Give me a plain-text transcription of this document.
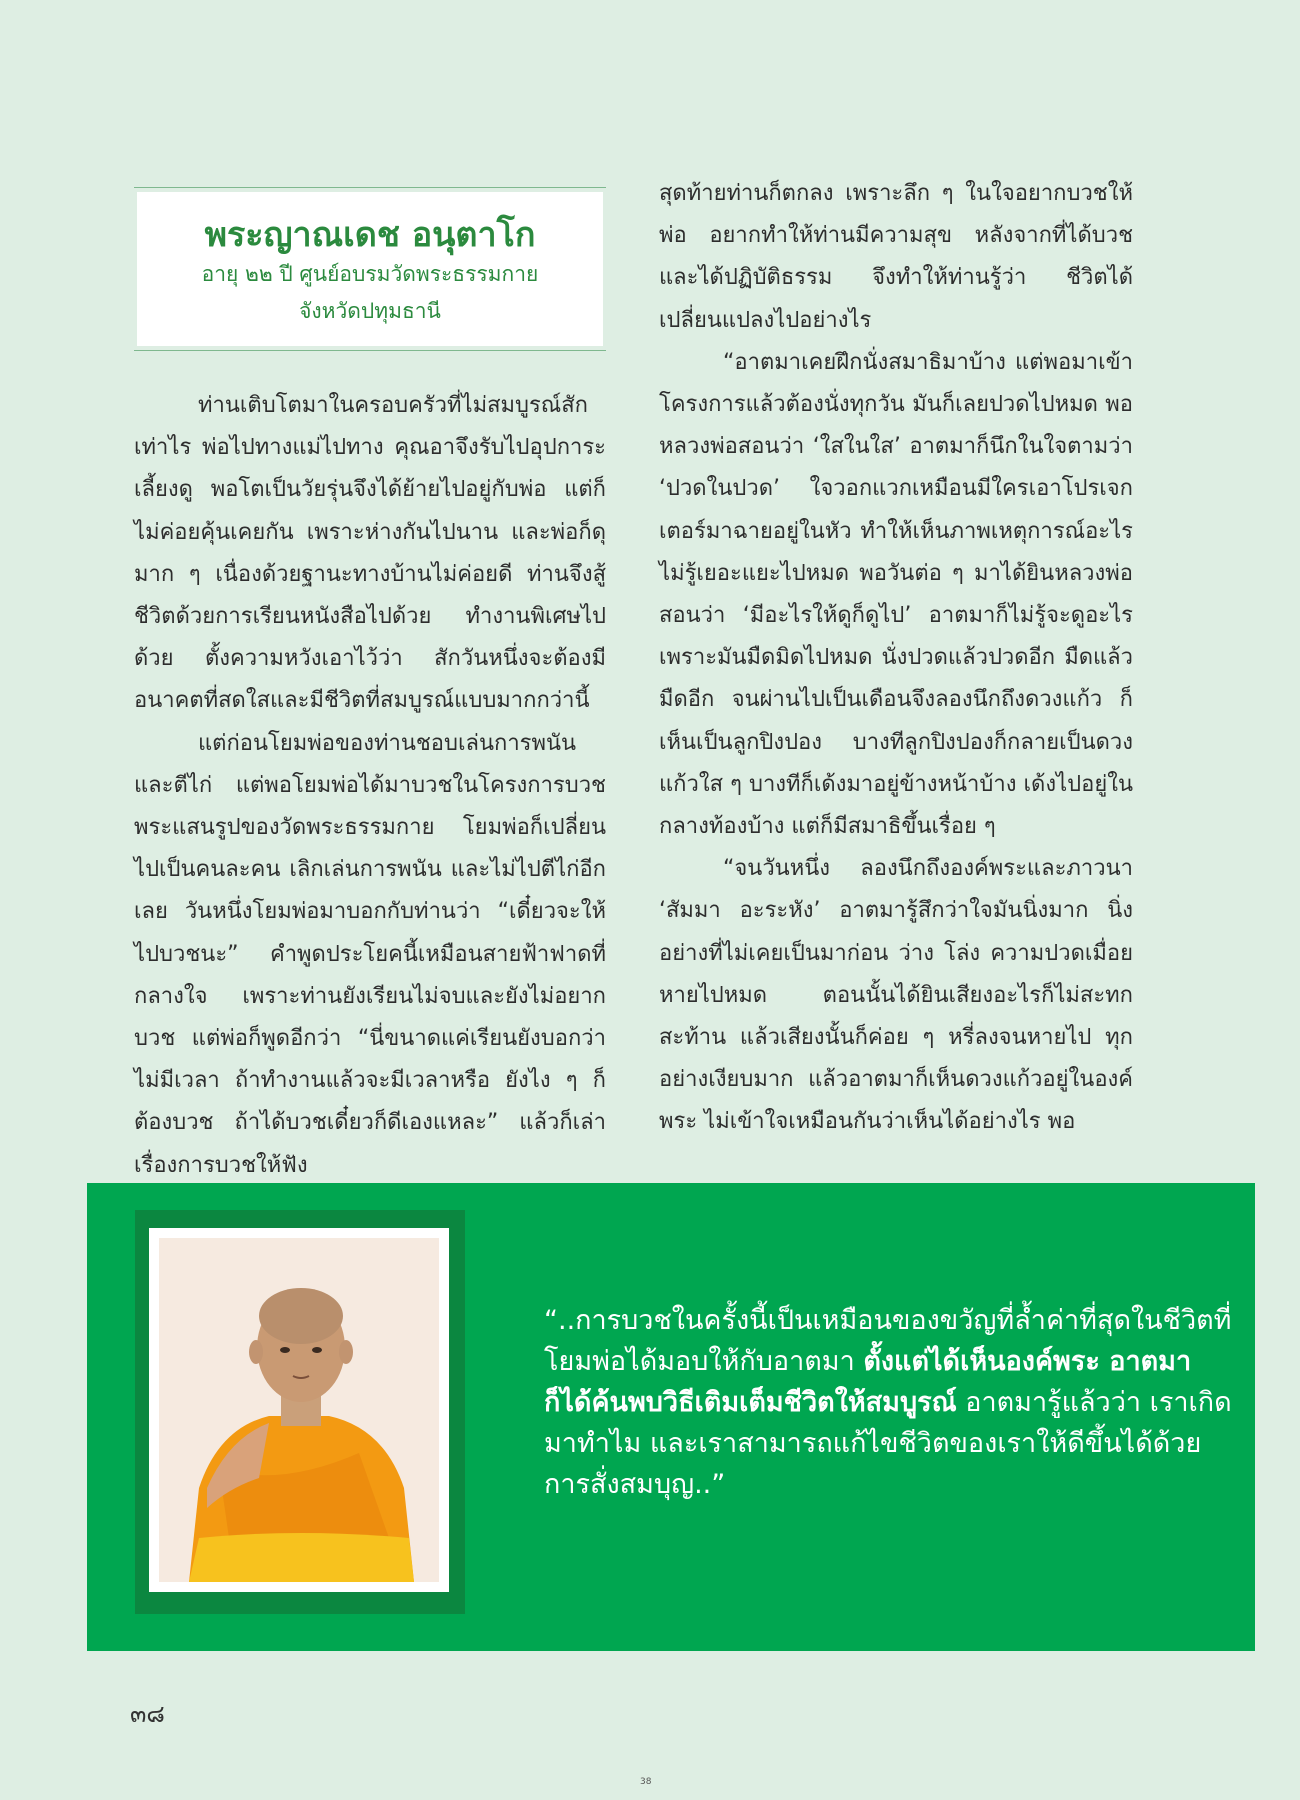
พระญาณเดช อนุตาโก
อายุ ๒๒ ปี ศูนย์อบรมวัดพระธรรมกาย
จังหวัดปทุมธานี

ท่านเติบโตมาในครอบครัวที่ไม่สมบูรณ์สักเท่าไร พ่อไปทางแม่ไปทาง คุณอาจึงรับไปอุปการะเลี้ยงดู พอโตเป็นวัยรุ่นจึงได้ย้ายไปอยู่กับพ่อ แต่ก็ไม่ค่อยคุ้นเคยกัน เพราะห่างกันไปนาน และพ่อก็ดุมาก ๆ เนื่องด้วยฐานะทางบ้านไม่ค่อยดี ท่านจึงสู้ชีวิตด้วยการเรียนหนังสือไปด้วย ทำงานพิเศษไปด้วย ตั้งความหวังเอาไว้ว่า สักวันหนึ่งจะต้องมีอนาคตที่สดใสและมีชีวิตที่สมบูรณ์แบบมากกว่านี้

แต่ก่อนโยมพ่อของท่านชอบเล่นการพนันและตีไก่ แต่พอโยมพ่อได้มาบวชในโครงการบวชพระแสนรูปของวัดพระธรรมกาย โยมพ่อก็เปลี่ยนไปเป็นคนละคน เลิกเล่นการพนัน และไม่ไปตีไก่อีกเลย วันหนึ่งโยมพ่อมาบอกกับท่านว่า “เดี๋ยวจะให้ไปบวชนะ” คำพูดประโยคนี้เหมือนสายฟ้าฟาดที่กลางใจ เพราะท่านยังเรียนไม่จบและยังไม่อยากบวช แต่พ่อก็พูดอีกว่า “นี่ขนาดแค่เรียนยังบอกว่าไม่มีเวลา ถ้าทำงานแล้วจะมีเวลาหรือ ยังไง ๆ ก็ต้องบวช ถ้าได้บวชเดี๋ยวก็ดีเองแหละ” แล้วก็เล่าเรื่องการบวชให้ฟัง

สุดท้ายท่านก็ตกลง เพราะลึก ๆ ในใจอยากบวชให้พ่อ อยากทำให้ท่านมีความสุข หลังจากที่ได้บวชและได้ปฏิบัติธรรม จึงทำให้ท่านรู้ว่า ชีวิตได้เปลี่ยนแปลงไปอย่างไร

“อาตมาเคยฝึกนั่งสมาธิมาบ้าง แต่พอมาเข้าโครงการแล้วต้องนั่งทุกวัน มันก็เลยปวดไปหมด พอหลวงพ่อสอนว่า ‘ใสในใส’ อาตมาก็นึกในใจตามว่า ‘ปวดในปวด’ ใจวอกแวกเหมือนมีใครเอาโปรเจกเตอร์มาฉายอยู่ในหัว ทำให้เห็นภาพเหตุการณ์อะไรไม่รู้เยอะแยะไปหมด พอวันต่อ ๆ มาได้ยินหลวงพ่อสอนว่า ‘มีอะไรให้ดูก็ดูไป’ อาตมาก็ไม่รู้จะดูอะไรเพราะมันมืดมิดไปหมด นั่งปวดแล้วปวดอีก มืดแล้วมืดอีก จนผ่านไปเป็นเดือนจึงลองนึกถึงดวงแก้ว ก็เห็นเป็นลูกปิงปอง บางทีลูกปิงปองก็กลายเป็นดวงแก้วใส ๆ บางทีก็เด้งมาอยู่ข้างหน้าบ้าง เด้งไปอยู่ในกลางท้องบ้าง แต่ก็มีสมาธิขึ้นเรื่อย ๆ

“จนวันหนึ่ง ลองนึกถึงองค์พระและภาวนา ‘สัมมา อะระหัง’ อาตมารู้สึกว่าใจมันนิ่งมาก นิ่งอย่างที่ไม่เคยเป็นมาก่อน ว่าง โล่ง ความปวดเมื่อยหายไปหมด ตอนนั้นได้ยินเสียงอะไรก็ไม่สะทกสะท้าน แล้วเสียงนั้นก็ค่อย ๆ หรี่ลงจนหายไป ทุกอย่างเงียบมาก แล้วอาตมาก็เห็นดวงแก้วอยู่ในองค์พระ ไม่เข้าใจเหมือนกันว่าเห็นได้อย่างไร พอ

“..การบวชในครั้งนี้เป็นเหมือนของขวัญที่ล้ำค่าที่สุดในชีวิตที่โยมพ่อได้มอบให้กับอาตมา ตั้งแต่ได้เห็นองค์พระ อาตมาก็ได้ค้นพบวิธีเติมเต็มชีวิตให้สมบูรณ์ อาตมารู้แล้วว่า เราเกิดมาทำไม และเราสามารถแก้ไขชีวิตของเราให้ดีขึ้นได้ด้วยการสั่งสมบุญ..”
๓๘
38
